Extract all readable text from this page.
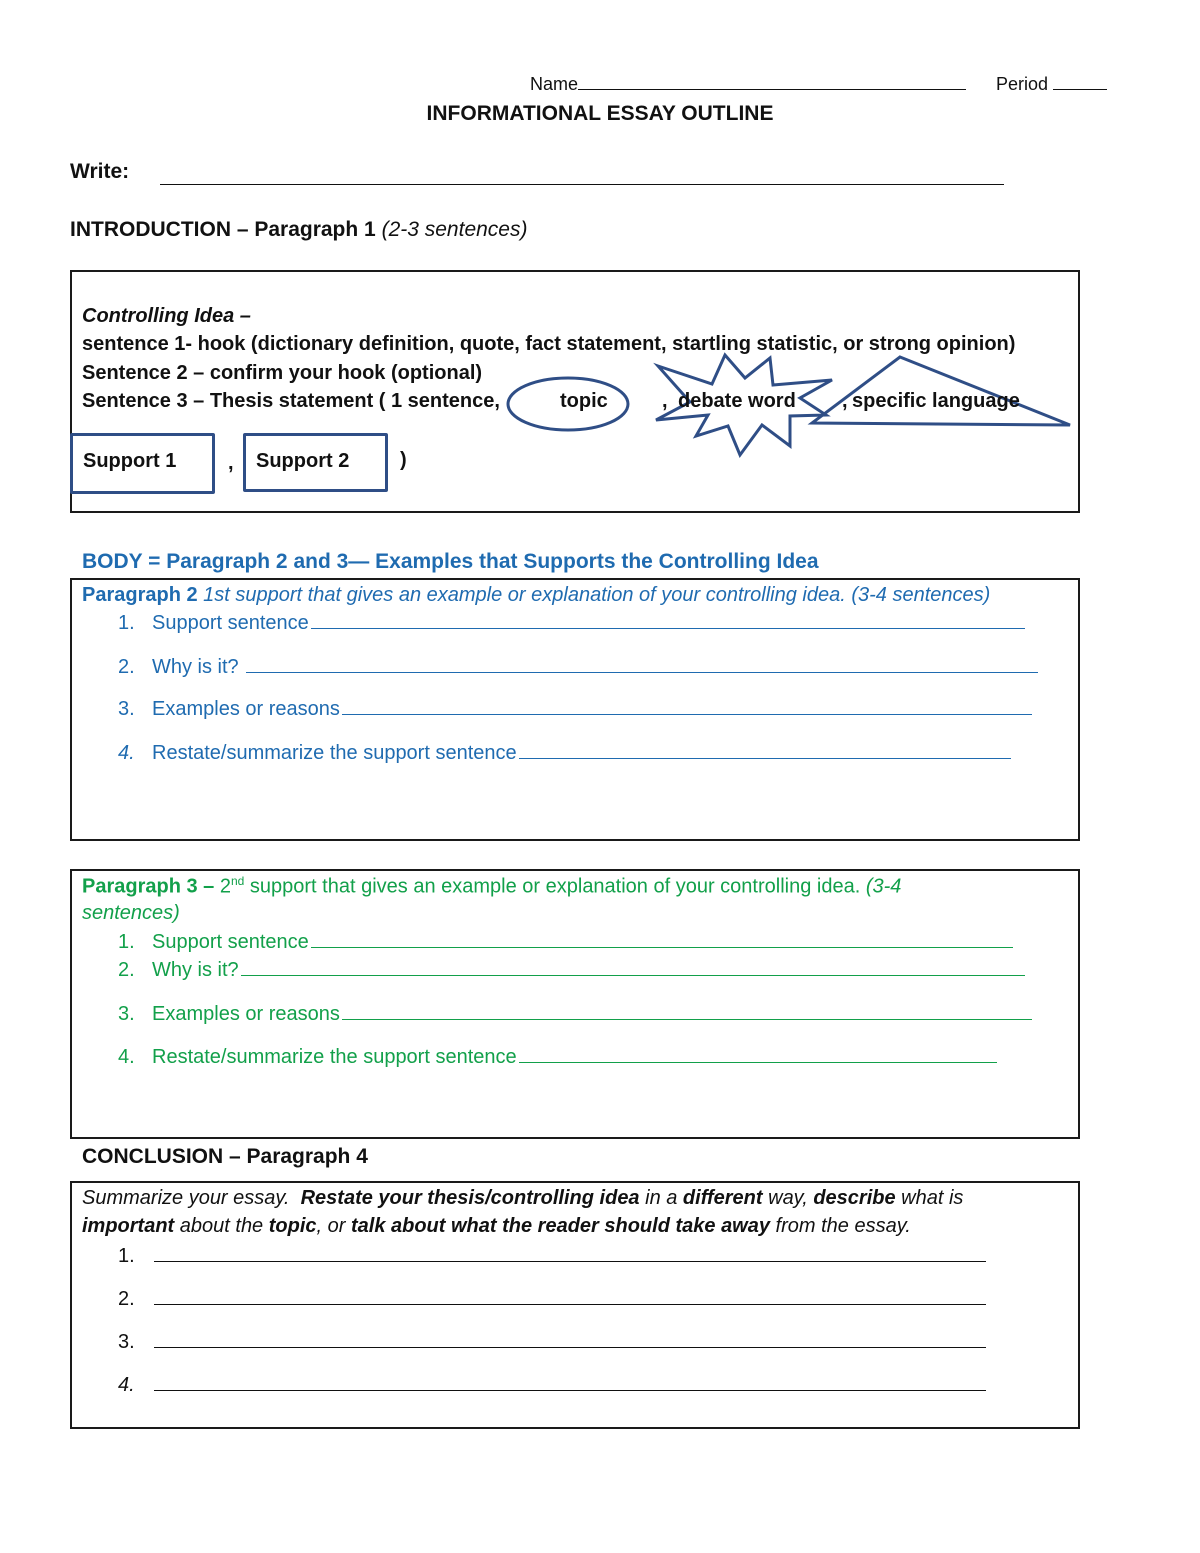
Name	Period
INFORMATIONAL ESSAY OUTLINE
Write:
INTRODUCTION – Paragraph 1 (2-3 sentences)
Controlling Idea –
sentence 1- hook (dictionary definition, quote, fact statement, startling statistic, or strong opinion)
Sentence 2 – confirm your hook (optional)
Sentence 3 – Thesis statement ( 1 sentence,	topic	, debate word , specific language
Support 1	,	Support 2	)
BODY = Paragraph 2 and 3— Examples that Supports the Controlling Idea
Paragraph 2 1st support that gives an example or explanation of your controlling idea. (3-4 sentences)
1. Support sentence
2. Why is it?
3. Examples or reasons
4. Restate/summarize the support sentence
Paragraph 3 – 2nd support that gives an example or explanation of your controlling idea. (3-4
sentences)
1. Support sentence
2. Why is it?
3. Examples or reasons
4. Restate/summarize the support sentence
CONCLUSION – Paragraph 4
Summarize your essay.  Restate your thesis/controlling idea in a different way, describe what is
important about the topic, or talk about what the reader should take away from the essay.
1.
2.
3.
4.
